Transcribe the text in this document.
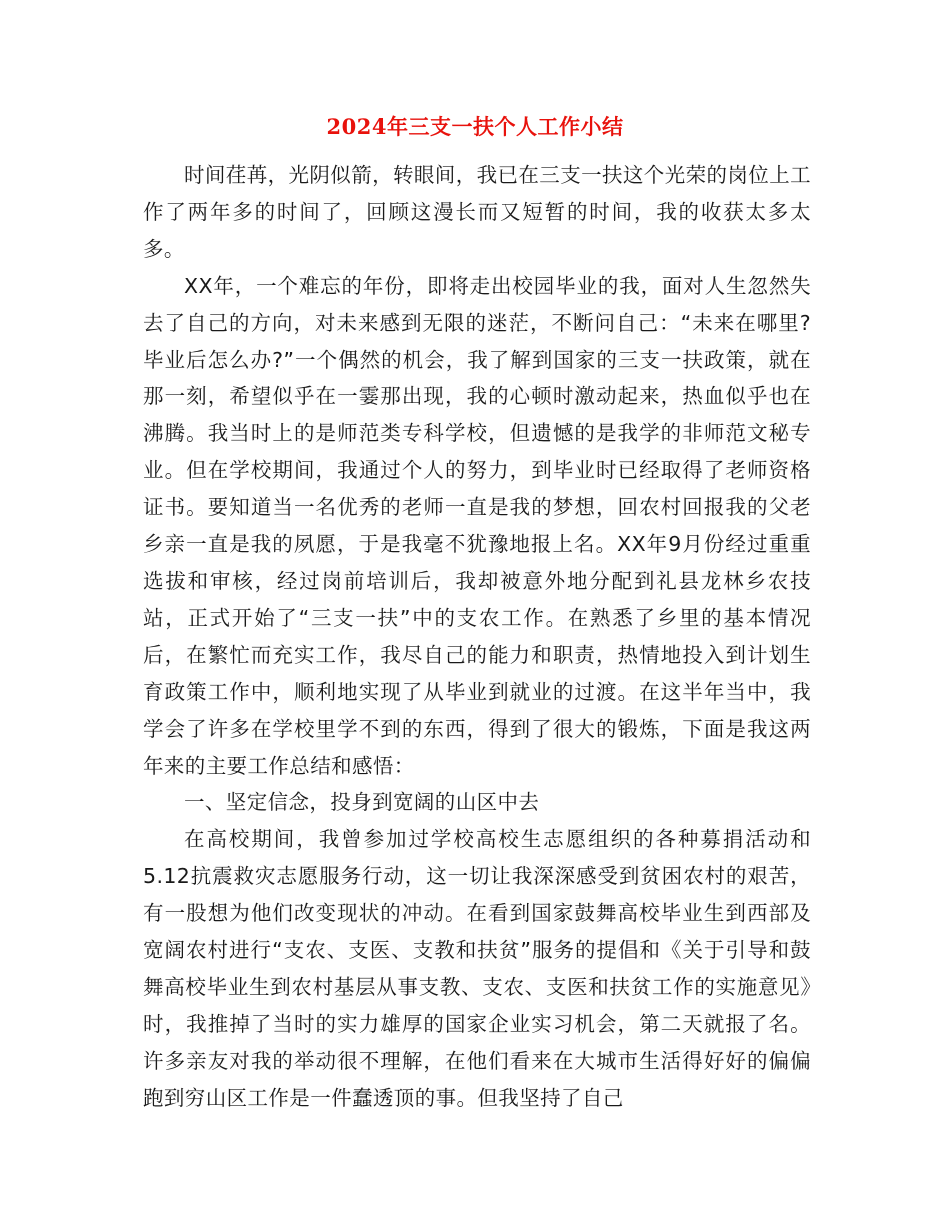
2024年三支一扶个人工作小结

时间荏苒，光阴似箭，转眼间，我已在三支一扶这个光荣的岗位上工作了两年多的时间了，回顾这漫长而又短暂的时间，我的收获太多太多。

XX年，一个难忘的年份，即将走出校园毕业的我，面对人生忽然失去了自己的方向，对未来感到无限的迷茫，不断问自己：“未来在哪里?毕业后怎么办?”一个偶然的机会，我了解到国家的三支一扶政策，就在那一刻，希望似乎在一霎那出现，我的心顿时激动起来，热血似乎也在沸腾。我当时上的是师范类专科学校，但遗憾的是我学的非师范文秘专业。但在学校期间，我通过个人的努力，到毕业时已经取得了老师资格证书。要知道当一名优秀的老师一直是我的梦想，回农村回报我的父老乡亲一直是我的夙愿，于是我毫不犹豫地报上名。XX年9月份经过重重选拔和审核，经过岗前培训后，我却被意外地分配到礼县龙林乡农技站，正式开始了“三支一扶”中的支农工作。在熟悉了乡里的基本情况后，在繁忙而充实工作，我尽自己的能力和职责，热情地投入到计划生育政策工作中，顺利地实现了从毕业到就业的过渡。在这半年当中，我学会了许多在学校里学不到的东西，得到了很大的锻炼，下面是我这两年来的主要工作总结和感悟：

一、坚定信念，投身到宽阔的山区中去

在高校期间，我曾参加过学校高校生志愿组织的各种募捐活动和5.12抗震救灾志愿服务行动，这一切让我深深感受到贫困农村的艰苦，有一股想为他们改变现状的冲动。在看到国家鼓舞高校毕业生到西部及宽阔农村进行“支农、支医、支教和扶贫”服务的提倡和《关于引导和鼓舞高校毕业生到农村基层从事支教、支农、支医和扶贫工作的实施意见》时，我推掉了当时的实力雄厚的国家企业实习机会，第二天就报了名。许多亲友对我的举动很不理解，在他们看来在大城市生活得好好的偏偏跑到穷山区工作是一件蠢透顶的事。但我坚持了自己
